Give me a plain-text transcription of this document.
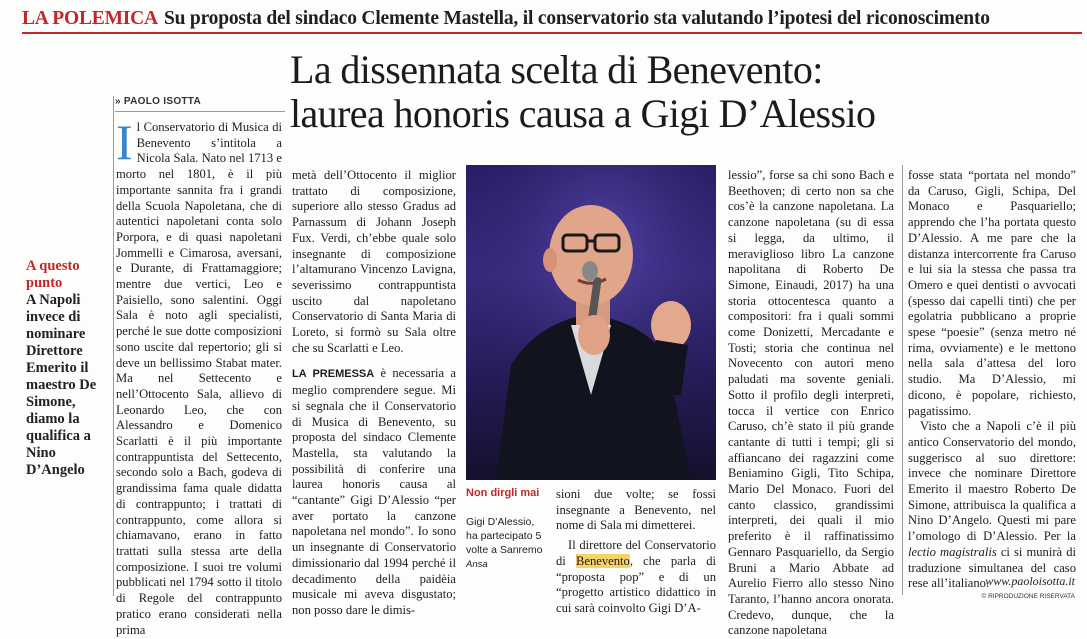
LA POLEMICA Su proposta del sindaco Clemente Mastella, il conservatorio sta valutando l’ipotesi del riconoscimento
La dissennata scelta di Benevento:
laurea honoris causa a Gigi D’Alessio
» PAOLO ISOTTA
A questo punto
A Napoli invece di nominare Direttore Emerito il maestro De Simone, diamo la qualifica a Nino D’Angelo
Il Conservatorio di Musica di Benevento s’intitola a Nicola Sala. Nato nel 1713 e morto nel 1801, è il più importante sannita fra i grandi della Scuola Napoletana, che di autentici napoletani conta solo Porpora, e di quasi napoletani Jommelli e Cimarosa, aversani, e Durante, di Frattamaggiore; mentre due vertici, Leo e Paisiello, sono salentini. Oggi Sala è noto agli specialisti, perché le sue dotte composizioni sono uscite dal repertorio; gli si deve un bellissimo Stabat mater. Ma nel Settecento e nell’Ottocento Sala, allievo di Leonardo Leo, che con Alessandro e Domenico Scarlatti è il più importante contrappuntista del Settecento, secondo solo a Bach, godeva di grandissima fama quale didatta di contrappunto; i trattati di contrappunto, come allora si chiamavano, erano in fatto trattati sulla stessa arte della composizione. I suoi tre volumi pubblicati nel 1794 sotto il titolo di Regole del contrappunto pratico erano considerati nella prima

metà dell’Ottocento il miglior trattato di composizione, superiore allo stesso Gradus ad Parnassum di Johann Joseph Fux. Verdi, ch’ebbe quale solo insegnante di composizione l’altamurano Vincenzo Lavigna, severissimo contrappuntista uscito dal napoletano Conservatorio di Santa Maria di Loreto, si formò su Sala oltre che su Scarlatti e Leo.

LA PREMESSA è necessaria a meglio comprendere segue. Mi si segnala che il Conservatorio di Musica di Benevento, su proposta del sindaco Clemente Mastella, sta valutando la possibilità di conferire una laurea honoris causa al “cantante” Gigi D’Alessio “per aver portato la canzone napoletana nel mondo”. Io sono un insegnante di Conservatorio dimissionario dal 1994 perché il decadimento della paidèia musicale mi aveva disgustato; non posso dare le dimis-

Non dirgli mai
Gigi D’Alessio, ha partecipato 5 volte a Sanremo Ansa

sioni due volte; se fossi insegnante a Benevento, nel nome di Sala mi dimetterei.

Il direttore del Conservatorio di Benevento, che parla di “proposta pop” e di un “progetto artistico didattico in cui sarà coinvolto Gigi D’A-

lessio”, forse sa chi sono Bach e Beethoven; di certo non sa che cos’è la canzone napoletana. La canzone napoletana (su di essa si legga, da ultimo, il meraviglioso libro La canzone napolitana di Roberto De Simone, Einaudi, 2017) ha una storia ottocentesca quanto a compositori: fra i quali sommi come Donizetti, Mercadante e Tosti; storia che continua nel Novecento con autori meno paludati ma sovente geniali. Sotto il profilo degli interpreti, tocca il vertice con Enrico Caruso, ch’è stato il più grande cantante di tutti i tempi; gli si affiancano dei ragazzini come Beniamino Gigli, Tito Schipa, Mario Del Monaco. Fuori del canto classico, grandissimi interpreti, dei quali il mio preferito è il raffinatissimo Gennaro Pasquariello, da Sergio Bruni a Mario Abbate ad Aurelio Fierro allo stesso Nino Taranto, l’hanno ancora onorata. Credevo, dunque, che la canzone napoletana

fosse stata “portata nel mondo” da Caruso, Gigli, Schipa, Del Monaco e Pasquariello; apprendo che l’ha portata questo D’Alessio. A me pare che la distanza intercorrente fra Caruso e lui sia la stessa che passa tra Omero e quei dentisti o avvocati (spesso dai capelli tinti) che per egolatria pubblicano a proprie spese “poesie” (senza metro né rima, ovviamente) e le mettono nella sala d’attesa del loro studio. Ma D’Alessio, mi dicono, è popolare, richiesto, pagatissimo.

Visto che a Napoli c’è il più antico Conservatorio del mondo, suggerisco al suo direttore: invece che nominare Direttore Emerito il maestro Roberto De Simone, attribuisca la qualifica a Nino D’Angelo. Questi mi pare l’omologo di D’Alessio. Per la lectio magistralis ci si munirà di traduzione simultanea del caso rese all’italiano.

www.paoloisotta.it
© RIPRODUZIONE RISERVATA
